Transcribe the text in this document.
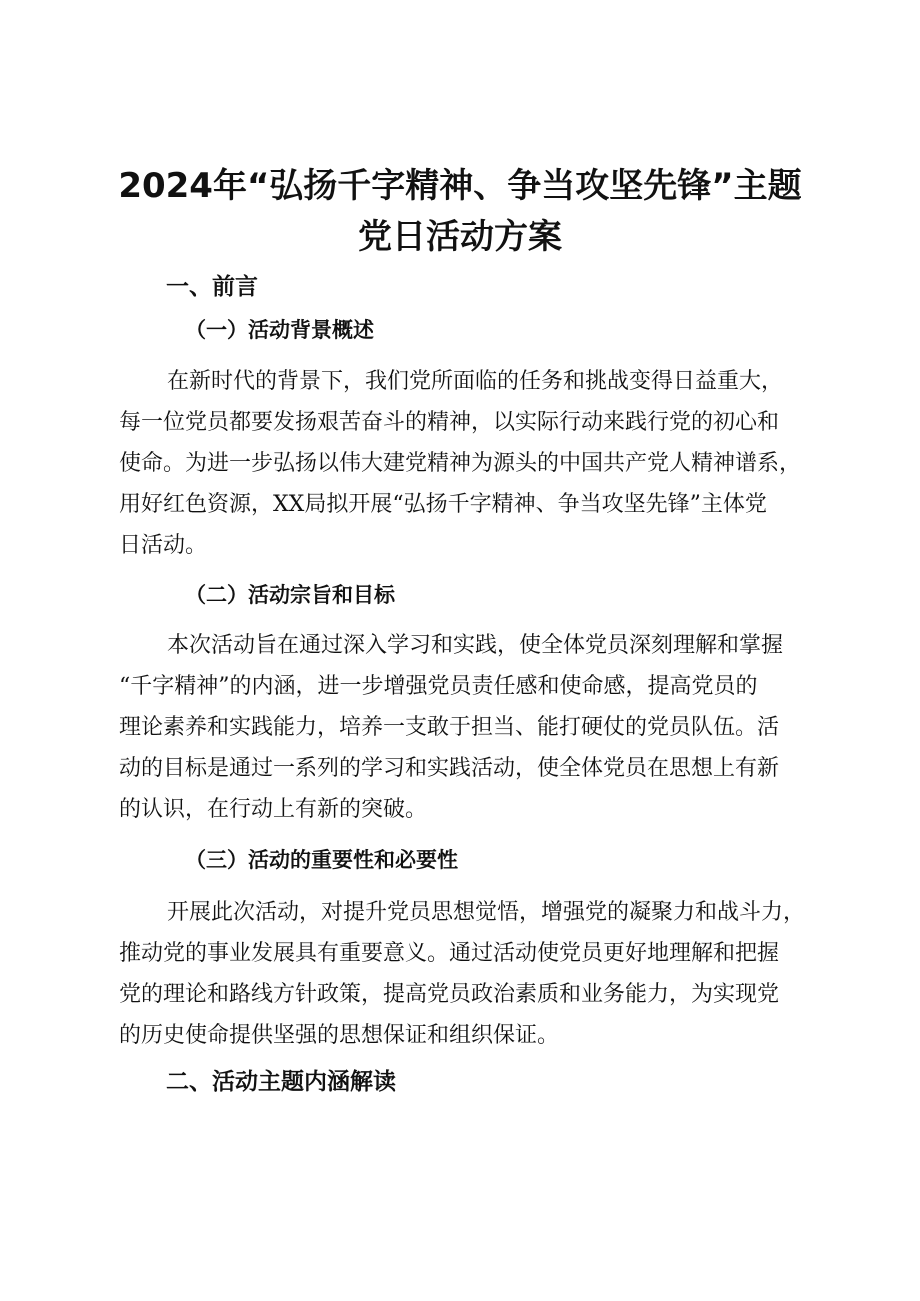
2024年“弘扬千字精神、争当攻坚先锋”主题
党日活动方案
一、前言
（一）活动背景概述
在新时代的背景下，我们党所面临的任务和挑战变得日益重大，
每一位党员都要发扬艰苦奋斗的精神，以实际行动来践行党的初心和
使命。为进一步弘扬以伟大建党精神为源头的中国共产党人精神谱系，
用好红色资源，XX局拟开展“弘扬千字精神、争当攻坚先锋”主体党
日活动。
（二）活动宗旨和目标
本次活动旨在通过深入学习和实践，使全体党员深刻理解和掌握
“千字精神”的内涵，进一步增强党员责任感和使命感，提高党员的
理论素养和实践能力，培养一支敢于担当、能打硬仗的党员队伍。活
动的目标是通过一系列的学习和实践活动，使全体党员在思想上有新
的认识，在行动上有新的突破。
（三）活动的重要性和必要性
开展此次活动，对提升党员思想觉悟，增强党的凝聚力和战斗力，
推动党的事业发展具有重要意义。通过活动使党员更好地理解和把握
党的理论和路线方针政策，提高党员政治素质和业务能力，为实现党
的历史使命提供坚强的思想保证和组织保证。
二、活动主题内涵解读
